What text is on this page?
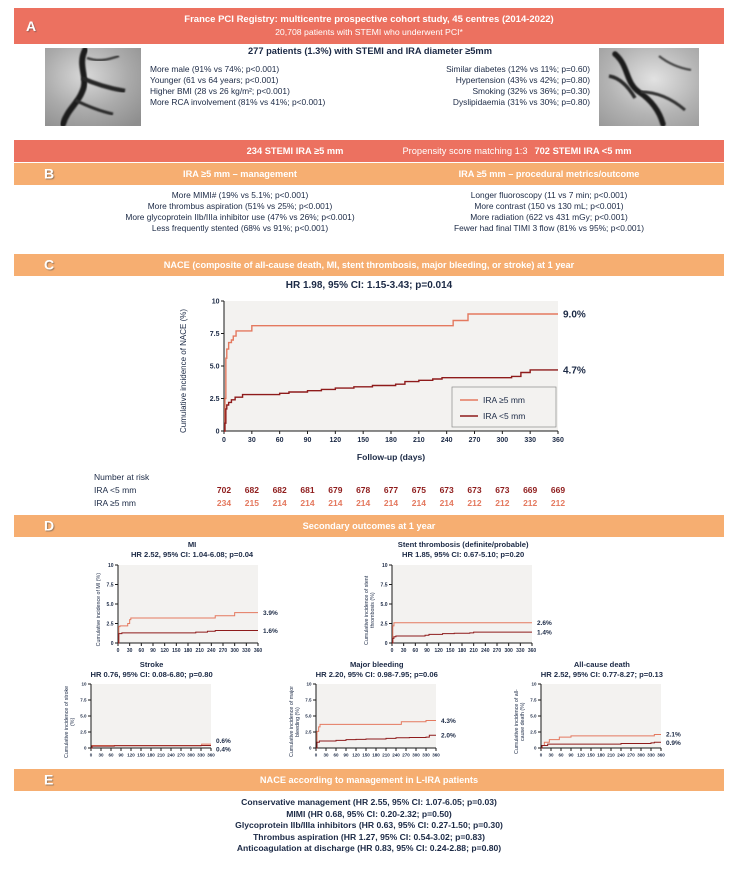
A	France PCI Registry: multicentre prospective cohort study, 45 centres (2014-2022)
20,708 patients with STEMI who underwent PCI*
277 patients (1.3%) with STEMI and IRA diameter ≥5mm
More male (91% vs 74%; p<0.001)
Younger (61 vs 64 years; p<0.001)
Higher BMI (28 vs 26 kg/m²; p<0.001)
More RCA involvement (81% vs 41%; p<0.001)
Similar diabetes (12% vs 11%; p=0.60)
Hypertension (43% vs 42%; p=0.80)
Smoking (32% vs 36%; p=0.30)
Dyslipidaemia (31% vs 30%; p=0.80)
234 STEMI IRA ≥5 mm	Propensity score matching 1:3 702 STEMI IRA <5 mm
B	IRA ≥5 mm – management	IRA ≥5 mm – procedural metrics/outcome
More MIMI# (19% vs 5.1%; p<0.001)
More thrombus aspiration (51% vs 25%; p<0.001)
More glycoprotein IIb/IIIa inhibitor use (47% vs 26%; p<0.001)
Less frequently stented (68% vs 91%; p<0.001)
Longer fluoroscopy (11 vs 7 min; p<0.001)
More contrast (150 vs 130 mL; p<0.001)
More radiation (622 vs 431 mGy; p<0.001)
Fewer had final TIMI 3 flow (81% vs 95%; p<0.001)
C	NACE (composite of all-cause death, MI, stent thrombosis, major bleeding, or stroke) at 1 year
HR 1.98, 95% CI: 1.15-3.43; p=0.014
Cumulative incidence of NACE (%)	0
2.5
5.0
7.5
10
0	30	60	90	120 150 180 210 240 270 300 330 360
9.0%
4.7%
IRA ≥5 mm
IRA <5 mm
Follow-up (days)
Number at risk
IRA <5 mm	702 682 682 681 679 678 677 675 673 673 673 669 669
IRA ≥5 mm	234 215 214 214 214 214 214 214 214 212 212 212 212
D	Secondary outcomes at 1 year
MI
HR 2.52, 95% CI: 1.04-6.08; p=0.04
Cumulative incidence of MI (%) 0
2.5
5.0
7.5
10
0 30 60 90 120 150 180 210 240 270 300 330 360
3.9%
1.6%
Stent thrombosis (definite/probable)
HR 1.85, 95% CI: 0.67-5.10; p=0.20
Cumulative incidence of stent thrombosis (%)
0
2.5
5.0
7.5
10
0 30 60 90 120 150 180 210 240 270 300 330 360
2.6%
1.4%
Stroke
HR 0.76, 95% CI: 0.08-6.80; p=0.80
Cumulative incidence of stroke (%)
0
2.5
5.0
7.5
10
0 30 60 90 120 150 180 210 240 270 300 330 360
0.6%
0.4%
Major bleeding
HR 2.20, 95% CI: 0.98-7.95; p=0.06
Cumulative incidence of major bleeding (%)
0
2.5
5.0
7.5
10
0 30 60 90 120 150 180 210 240 270 300 330 360
4.3%
2.0%
All-cause death
HR 2.52, 95% CI: 0.77-8.27; p=0.13
Cumulative incidence of all-cause death (%)
0
2.5
5.0
7.5
10
0 30 60 90 120 150 180 210 240 270 300 330 360
2.1%
0.9%
E	NACE according to management in L-IRA patients
Conservative management (HR 2.55, 95% CI: 1.07-6.05; p=0.03)
MIMI (HR 0.68, 95% CI: 0.20-2.32; p=0.50)
Glycoprotein IIb/IIIa inhibitors (HR 0.63, 95% CI: 0.27-1.50; p=0.30)
Thrombus aspiration (HR 1.27, 95% CI: 0.54-3.02; p=0.83)
Anticoagulation at discharge (HR 0.83, 95% CI: 0.24-2.88; p=0.80)
